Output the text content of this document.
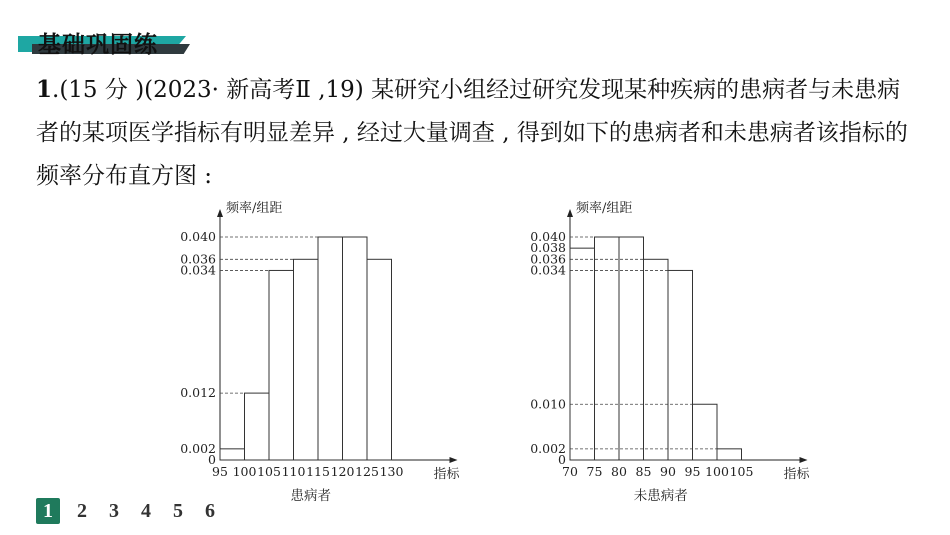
基础巩固练
1.(15 分 )(2023· 新高考Ⅱ ,19) 某研究小组经过研究发现某种疾病的患病者与未患病者的某项医学指标有明显差异 , 经过大量调查 , 得到如下的患病者和未患病者该指标的频率分布直方图 :
频率/组距
指标
0
0.002
0.012
0.034
0.036
0.040
95 100 105 110 115 120 125 130
患病者
频率/组距
指标
0
0.002
0.010
0.034
0.036
0.038
0.040
70 75 80 85 90 95 100 105
未患病者
1	2	3	4	5	6
